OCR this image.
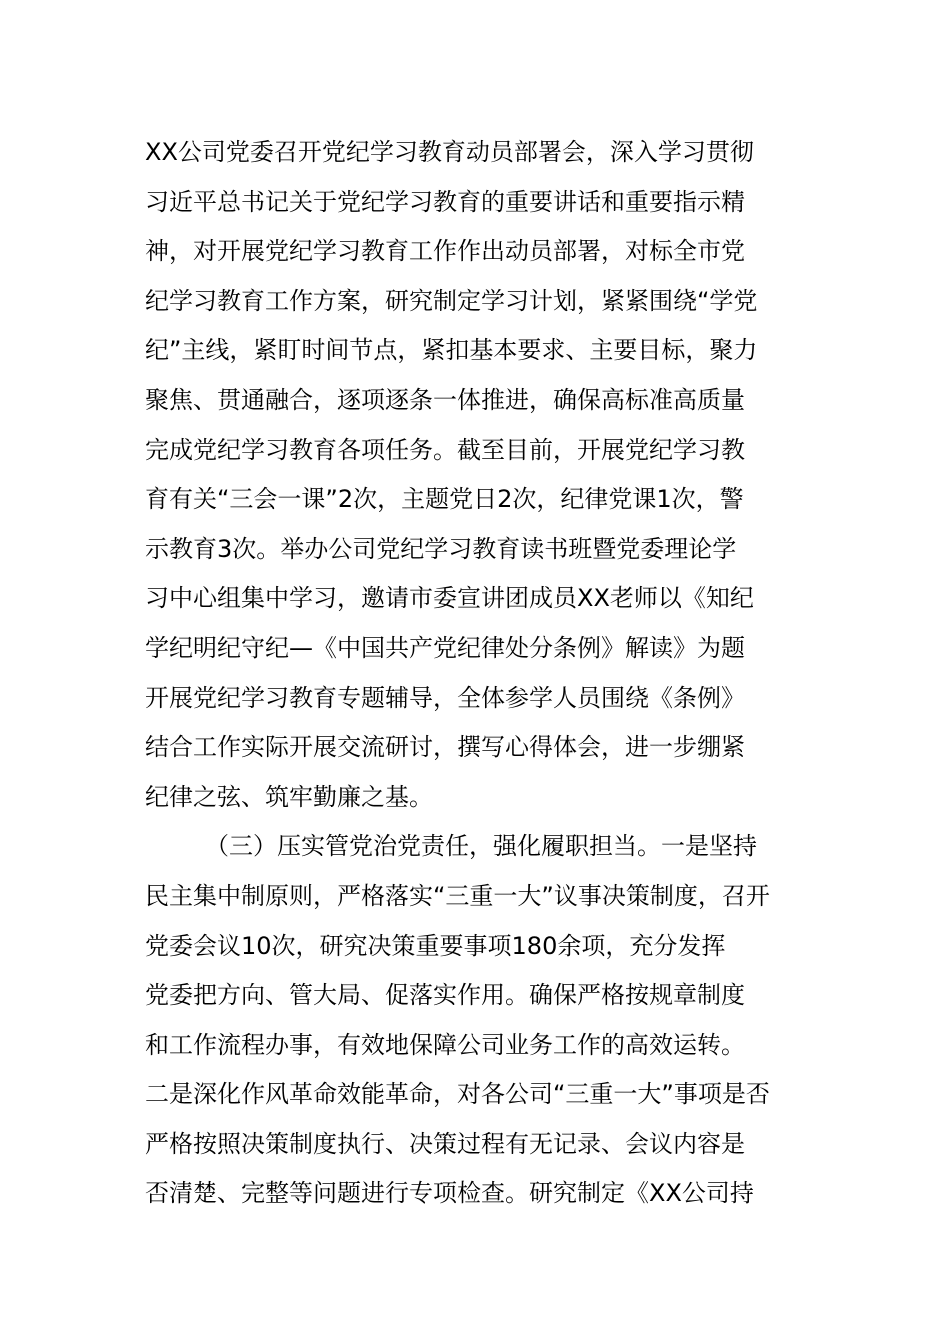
XX公司党委召开党纪学习教育动员部署会，深入学习贯彻
习近平总书记关于党纪学习教育的重要讲话和重要指示精
神，对开展党纪学习教育工作作出动员部署，对标全市党
纪学习教育工作方案，研究制定学习计划，紧紧围绕“学党
纪”主线，紧盯时间节点，紧扣基本要求、主要目标，聚力
聚焦、贯通融合，逐项逐条一体推进，确保高标准高质量
完成党纪学习教育各项任务。截至目前，开展党纪学习教
育有关“三会一课”2次，主题党日2次，纪律党课1次，警
示教育3次。举办公司党纪学习教育读书班暨党委理论学
习中心组集中学习，邀请市委宣讲团成员XX老师以《知纪
学纪明纪守纪—《中国共产党纪律处分条例》解读》为题
开展党纪学习教育专题辅导，全体参学人员围绕《条例》
结合工作实际开展交流研讨，撰写心得体会，进一步绷紧
纪律之弦、筑牢勤廉之基。
（三）压实管党治党责任，强化履职担当。一是坚持
民主集中制原则，严格落实“三重一大”议事决策制度，召开
党委会议10次，研究决策重要事项180余项，充分发挥
党委把方向、管大局、促落实作用。确保严格按规章制度
和工作流程办事，有效地保障公司业务工作的高效运转。
二是深化作风革命效能革命，对各公司“三重一大”事项是否
严格按照决策制度执行、决策过程有无记录、会议内容是
否清楚、完整等问题进行专项检查。研究制定《XX公司持
